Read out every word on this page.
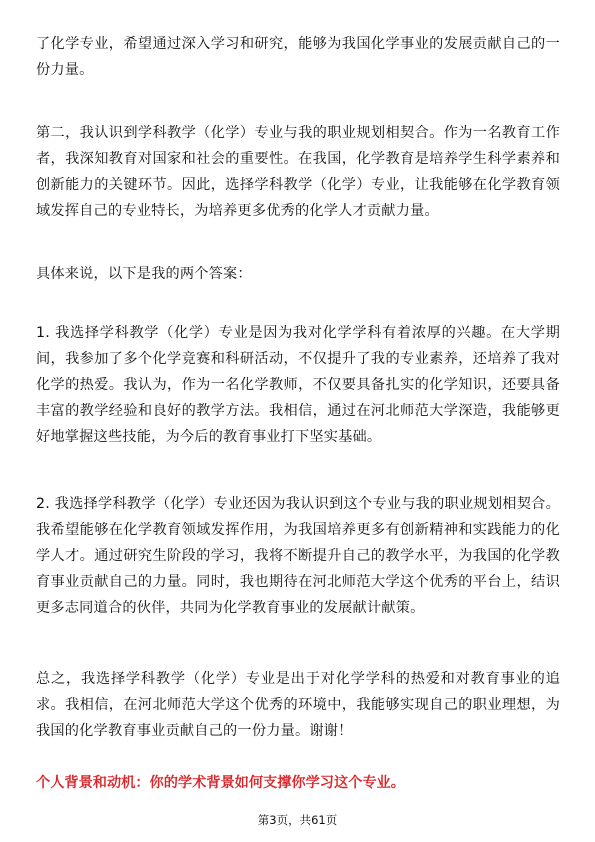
了化学专业，希望通过深入学习和研究，能够为我国化学事业的发展贡献自己的一份力量。

第二，我认识到学科教学（化学）专业与我的职业规划相契合。作为一名教育工作者，我深知教育对国家和社会的重要性。在我国，化学教育是培养学生科学素养和创新能力的关键环节。因此，选择学科教学（化学）专业，让我能够在化学教育领域发挥自己的专业特长，为培养更多优秀的化学人才贡献力量。

具体来说，以下是我的两个答案：

1. 我选择学科教学（化学）专业是因为我对化学学科有着浓厚的兴趣。在大学期间，我参加了多个化学竞赛和科研活动，不仅提升了我的专业素养，还培养了我对化学的热爱。我认为，作为一名化学教师，不仅要具备扎实的化学知识，还要具备丰富的教学经验和良好的教学方法。我相信，通过在河北师范大学深造，我能够更好地掌握这些技能，为今后的教育事业打下坚实基础。

2. 我选择学科教学（化学）专业还因为我认识到这个专业与我的职业规划相契合。我希望能够在化学教育领域发挥作用，为我国培养更多有创新精神和实践能力的化学人才。通过研究生阶段的学习，我将不断提升自己的教学水平，为我国的化学教育事业贡献自己的力量。同时，我也期待在河北师范大学这个优秀的平台上，结识更多志同道合的伙伴，共同为化学教育事业的发展献计献策。

总之，我选择学科教学（化学）专业是出于对化学学科的热爱和对教育事业的追求。我相信，在河北师范大学这个优秀的环境中，我能够实现自己的职业理想，为我国的化学教育事业贡献自己的一份力量。谢谢！

个人背景和动机：你的学术背景如何支撑你学习这个专业。

第3页，共61页
